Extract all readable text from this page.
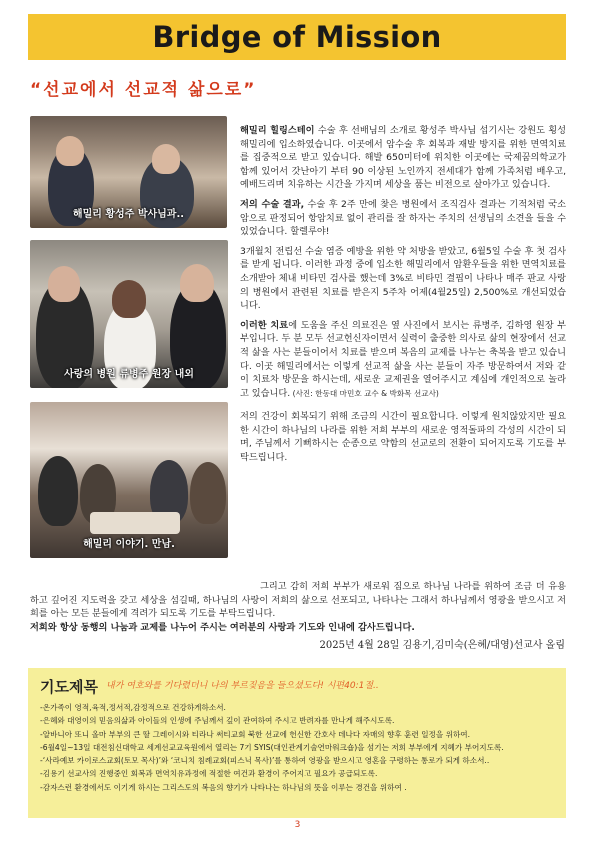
Bridge of Mission
“선교에서 선교적 삶으로”
해밀리 황성주 박사님과..
사랑의 병원 류병주 원장 내외
해밀리 이야기. 만남.

해밀리 힐링스테이 수술 후 선배님의 소개로 황성주 박사님 섭기시는 강원도 횡성 해밀리에 입소하였습니다. 이곳에서 암수술 후 회복과 재발 방지를 위한 면역치료를 집중적으로 받고 있습니다. 해발 650미터에 위치한 이곳에는 국제꿈의학교가 함께 있어서 갓난아기 부터 90 이상된 노인까지 전세대가 함께 가족처럼 배우고, 예배드리며 치유하는 시간을 가지며 세상을 품는 비전으로 살아가고 있습니다.

저의 수술 결과, 수술 후 2주 만에 찾은 병원에서 조직검사 결과는 기적처럼 국소암으로 판정되어 항암치료 없이 관리를 잘 하자는 주치의 선생님의 소견을 들을 수 있었습니다. 할렐루야!

3개월치 전립선 수술 염증 예방을 위한 약 처방을 받았고, 6월5일 수술 후 첫 검사를 받게 됩니다. 이러한 과정 중에 입소한 해밀리에서 암환우들을 위한 면역치료를 소개받아 체내 비타민 검사를 했는데 3%로 비타민 결핍이 나타나 매주 판교 사랑의 병원에서 관련된 치료를 받은지 5주차 어제(4월25일) 2,500%로 개선되었습니다.

이러한 치료에 도움을 주신 의료진은 옆 사진에서 보시는 류병주, 김하영 원장 부부입니다. 두 분 모두 선교헌신자이면서 실력이 출중한 의사로 삶의 현장에서 선교적 삶을 사는 분들이어서 치료를 받으며 복음의 교제를 나누는 축복을 받고 있습니다. 이곳 해밀리에서는 이렇게 선교적 삶을 사는 분들이 자주 방문하여서 저와 같이 치료차 방문을 하시는데, 새로운 교제권을 열어주시고 계심에 개인적으로 놀라고 있습니다. (사진: 한동대 마민호 교수 & 박화목 선교사)

저의 건강이 회복되기 위해 조금의 시간이 필요합니다. 이렇게 원치않았지만 필요한 시간이 하나님의 나라를 위한 저희 부부의 새로운 영적돌파의 각성의 시간이 되며, 주님께서 기뻐하시는 순종으로 약함의 선교로의 전환이 되어지도록 기도를 부탁드립니다.

그리고 감히 저희 부부가 새로워 짐으로 하나님 나라를 위하여 조금 더 유용하고 깊어진 지도력을 갖고 세상을 섬길때, 하나님의 사랑이 저희의 삶으로 선포되고, 나타나는 그래서 하나님께서 영광을 받으시고 저희를 아는 모든 분들에게 격려가 되도록 기도를 부탁드립니다.

저희와 항상 동행의 나눔과 교제를 나누어 주시는 여러분의 사랑과 기도와 인내에 감사드립니다.

2025년 4월 28일 김용기,김미숙(은혜/대영)선교사 올림
기도제목 내가 여호와를 기다렸더니 나의 부르짖음을 들으셨도다! 시편40:1절..
-온가족이 영적,육적,정서적,감정적으로 건강하게하소서.
-은혜와 대영이의 믿음의삶과 아이들의 인생에 주님께서 깊이 관여하여 주시고 반려자를 만나게 해주시도록.
-알바니아 또니 올마 부부의 큰 딸 그레이시와 티라나 써티교회 북한 선교에 헌신한 간호사 데나다 자매의 향후 훈련 일정을 위하여.
-6월4일~13일 대전침신대학교 세계선교교육원에서 열리는 7기 SYIS(대인관계기술연마워크숍)을 섬기는 저희 부부에게 지혜가 부어지도록.
-‘사라예보 카이로스교회(토모 목사)’와 ‘코니치 침례교회(피스닉 목사)’를 통하여 영광을 받으시고 영혼을 구령하는 통로가 되게 하소서..
-김용기 선교사의 진행중인 회복과 면역치유과정에 적절한 여건과 환경이 주어지고 필요가 공급되도록.
-감자스런 환경에서도 이기게 하시는 그리스도의 복음의 향기가 나타나는 하나님의 뜻을 이루는 경건을 위하여 .
3
